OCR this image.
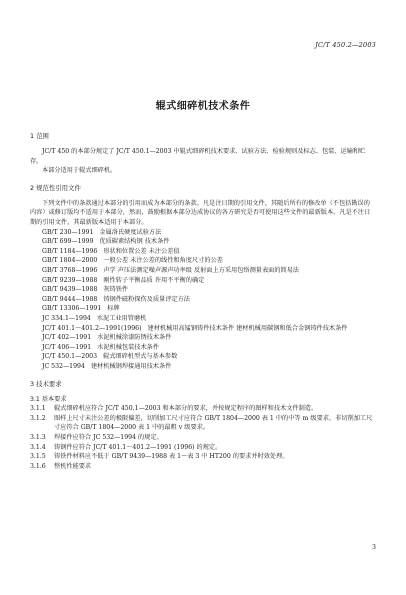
JC/T 450.2—2003
辊式细碎机技术条件

1 范围

JC/T 450 的本部分规定了 JC/T 450.1—2003 中辊式细碎机技术要求、试验方法、检验规则及标志、包装、运输和贮存。

本部分适用于辊式细碎机。

2 规范性引用文件

下列文件中的条款通过本部分的引用而成为本部分的条款。凡是注日期的引用文件，其随后所有的修改单（不包括勘误的内容）或修订版均不适用于本部分，然而，鼓励根据本部分达成协议的各方研究是否可使用这些文件的最新版本。凡是不注日期的引用文件，其最新版本适用于本部分。

GB/T 230—1991 金属洛氏硬度试验方法

GB/T 699—1999 优质碳素结构钢 技术条件

GB/T 1184—1996 形状和位置公差 未注公差值

GB/T 1804—2000 一般公差 未注公差的线性和角度尺寸的公差

GB/T 3768—1996 声学 声压法测定噪声源声功率级 反射面上方采用包络测量表面的简易法

GB/T 9239—1988 刚性转子平衡品质 许用不平衡的确定

GB/T 9439—1988 灰铸铁件

GB/T 9444—1988 铸钢件磁粉探伤及质量评定方法

GB/T 13306—1991 标牌

JC 334.1—1994 水泥工业用管磨机

JC/T 401.1～401.2—1991(1996) 建材机械用高锰钢铸件技术条件 建材机械用碳钢和低合金钢铸件技术条件

JC/T 402—1991 水泥机械涂漆防锈技术条件

JC/T 406—1991 水泥机械包装技术条件

JC/T 450.1—2003 辊式细碎机型式与基本参数

JC 532—1994 建材机械钢焊接通用技术条件

3 技术要求

3.1 基本要求

3.1.1	辊式细碎机应符合 JC/T 450.1—2003 和本部分的要求，并按规定程序的图样和技术文件制造。

3.1.2	图样上尺寸未注公差的极限偏差，切削加工尺寸应符合 GB/T 1804—2000 表 1 中的中等 m 级要求，非切削加工尺寸应符合 GB/T 1804—2000 表 1 中的最粗 v 级要求。

3.1.3	焊接件应符合 JC 532—1994 的规定。

3.1.4	铸钢件应符合 JC/T 401.1～401.2—1991 (1996) 的规定。

3.1.5	铸铁件材料应不低于 GB/T 9439—1988 表 1～表 3 中 HT200 的要求并时效处理。

3.1.6	整机性能要求

3
